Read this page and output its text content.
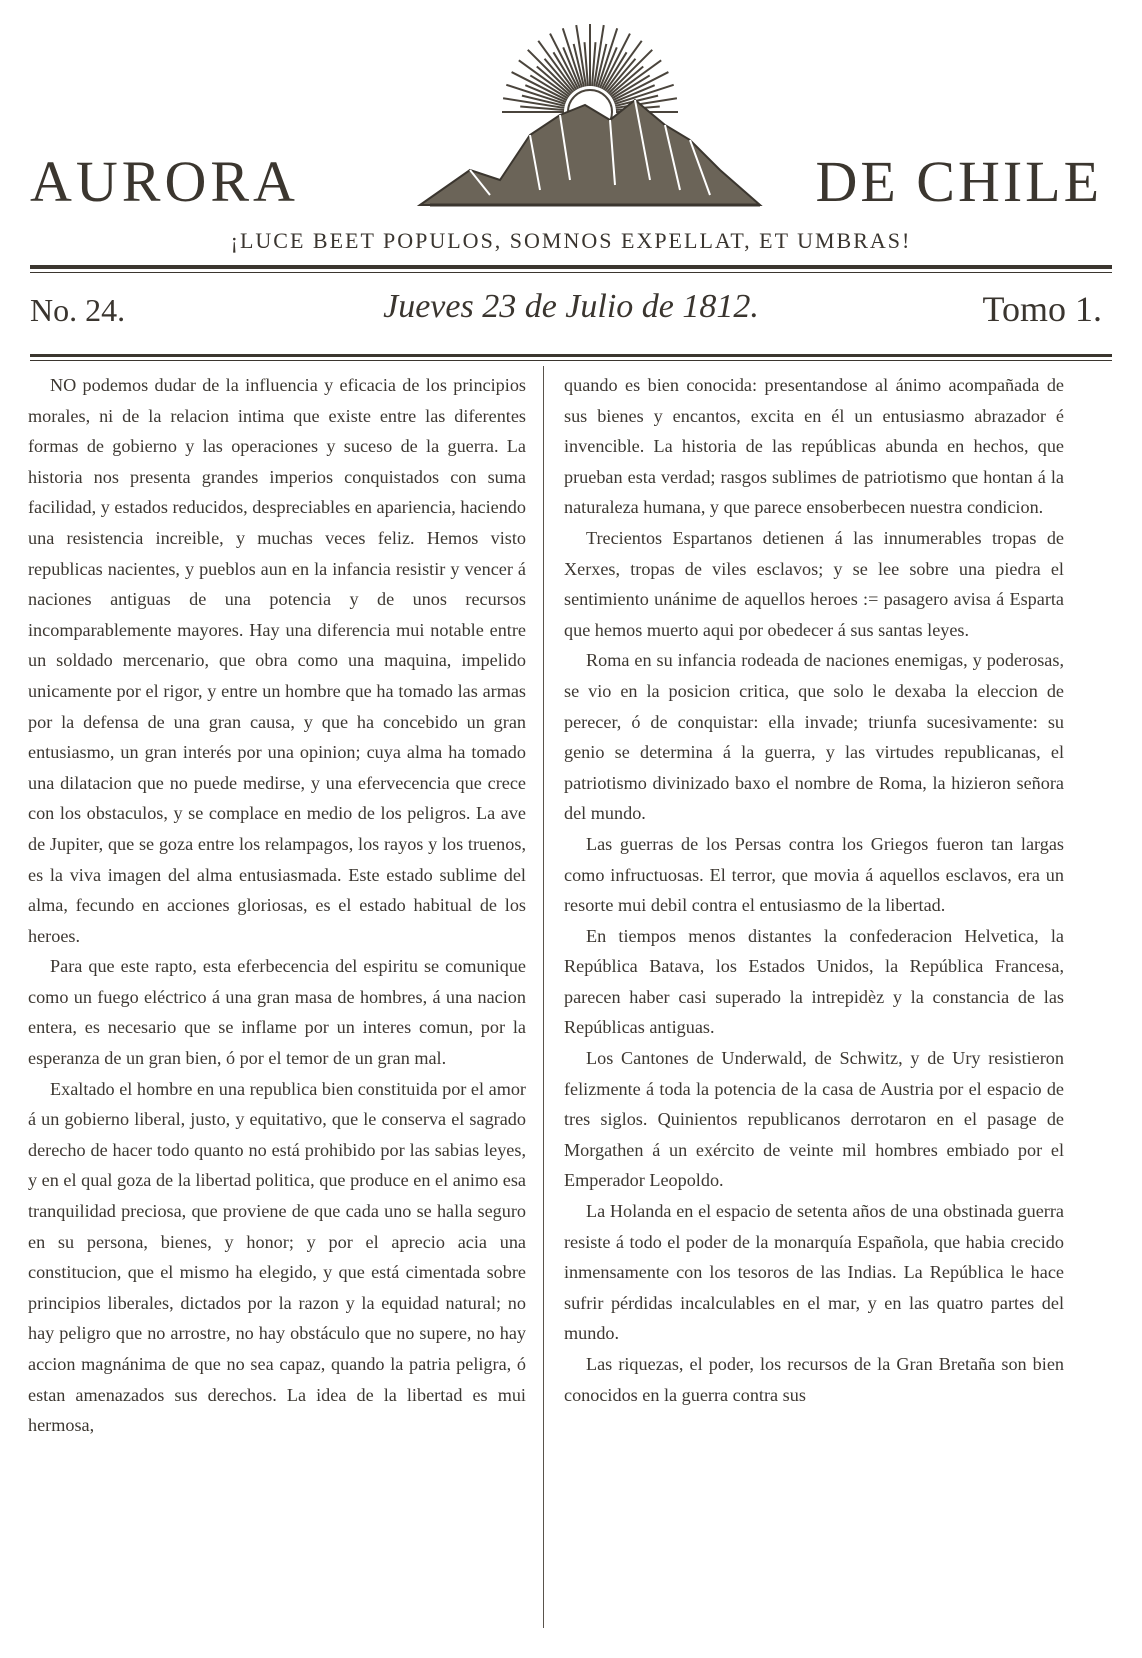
AURORA	DE CHILE
¡LUCE BEET POPULOS, SOMNOS EXPELLAT, ET UMBRAS!
No. 24.	Jueves 23 de Julio de 1812.	Tomo 1.

NO podemos dudar de la influencia y eficacia de los principios morales, ni de la relacion intima que existe entre las diferentes formas de gobierno y las operaciones y suceso de la guerra. La historia nos presenta grandes imperios conquistados con suma facilidad, y estados reducidos, despreciables en apariencia, haciendo una resistencia increible, y muchas veces feliz. Hemos visto republicas nacientes, y pueblos aun en la infancia resistir y vencer á naciones antiguas de una potencia y de unos recursos incomparablemente mayores. Hay una diferencia mui notable entre un soldado mercenario, que obra como una maquina, impelido unicamente por el rigor, y entre un hombre que ha tomado las armas por la defensa de una gran causa, y que ha concebido un gran entusiasmo, un gran interés por una opinion; cuya alma ha tomado una dilatacion que no puede medirse, y una efervecencia que crece con los obstaculos, y se complace en medio de los peligros. La ave de Jupiter, que se goza entre los relampagos, los rayos y los truenos, es la viva imagen del alma entusiasmada. Este estado sublime del alma, fecundo en acciones gloriosas, es el estado habitual de los heroes.

Para que este rapto, esta eferbecencia del espiritu se comunique como un fuego eléctrico á una gran masa de hombres, á una nacion entera, es necesario que se inflame por un interes comun, por la esperanza de un gran bien, ó por el temor de un gran mal.

Exaltado el hombre en una republica bien constituida por el amor á un gobierno liberal, justo, y equitativo, que le conserva el sagrado derecho de hacer todo quanto no está prohibido por las sabias leyes, y en el qual goza de la libertad politica, que produce en el animo esa tranquilidad preciosa, que proviene de que cada uno se halla seguro en su persona, bienes, y honor; y por el aprecio acia una constitucion, que el mismo ha elegido, y que está cimentada sobre principios liberales, dictados por la razon y la equidad natural; no hay peligro que no arrostre, no hay obstáculo que no supere, no hay accion magnánima de que no sea capaz, quando la patria peligra, ó estan amenazados sus derechos. La idea de la libertad es mui hermosa,

quando es bien conocida: presentandose al ánimo acompañada de sus bienes y encantos, excita en él un entusiasmo abrazador é invencible. La historia de las repúblicas abunda en hechos, que prueban esta verdad; rasgos sublimes de patriotismo que hontan á la naturaleza humana, y que parece ensoberbecen nuestra condicion.

Trecientos Espartanos detienen á las innumerables tropas de Xerxes, tropas de viles esclavos; y se lee sobre una piedra el sentimiento unánime de aquellos heroes := pasagero avisa á Esparta que hemos muerto aqui por obedecer á sus santas leyes.

Roma en su infancia rodeada de naciones enemigas, y poderosas, se vio en la posicion critica, que solo le dexaba la eleccion de perecer, ó de conquistar: ella invade; triunfa sucesivamente: su genio se determina á la guerra, y las virtudes republicanas, el patriotismo divinizado baxo el nombre de Roma, la hizieron señora del mundo.

Las guerras de los Persas contra los Griegos fueron tan largas como infructuosas. El terror, que movia á aquellos esclavos, era un resorte mui debil contra el entusiasmo de la libertad.

En tiempos menos distantes la confederacion Helvetica, la República Batava, los Estados Unidos, la República Francesa, parecen haber casi superado la intrepidèz y la constancia de las Repúblicas antiguas.

Los Cantones de Underwald, de Schwitz, y de Ury resistieron felizmente á toda la potencia de la casa de Austria por el espacio de tres siglos. Quinientos republicanos derrotaron en el pasage de Morgathen á un exército de veinte mil hombres embiado por el Emperador Leopoldo.

La Holanda en el espacio de setenta años de una obstinada guerra resiste á todo el poder de la monarquía Española, que habia crecido inmensamente con los tesoros de las Indias. La República le hace sufrir pérdidas incalculables en el mar, y en las quatro partes del mundo.

Las riquezas, el poder, los recursos de la Gran Bretaña son bien conocidos en la guerra contra sus
